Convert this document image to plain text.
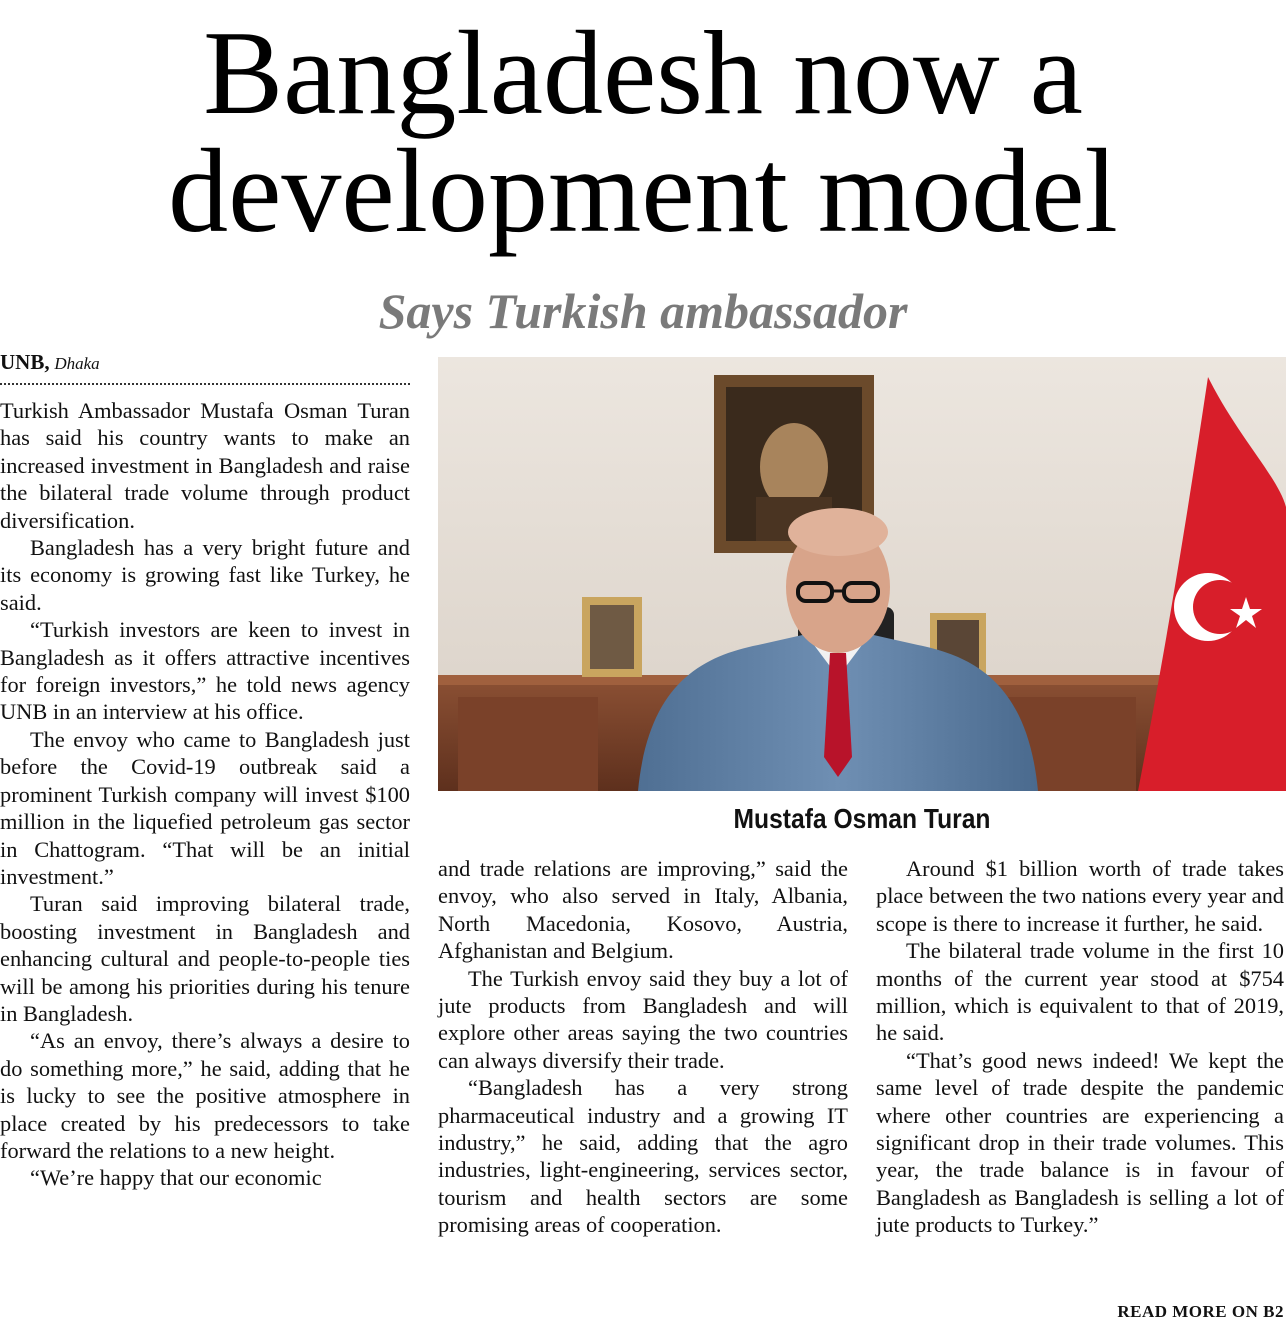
Bangladesh now a
development model
Says Turkish ambassador
UNB, Dhaka

Turkish Ambassador Mustafa Osman Turan has said his country wants to make an increased investment in Bangladesh and raise the bilateral trade volume through product diversification.

Bangladesh has a very bright future and its economy is growing fast like Turkey, he said.

“Turkish investors are keen to invest in Bangladesh as it offers attractive incentives for foreign investors,” he told news agency UNB in an interview at his office.

The envoy who came to Bangladesh just before the Covid-19 outbreak said a prominent Turkish company will invest $100 million in the liquefied petroleum gas sector in Chattogram. “That will be an initial investment.”

Turan said improving bilateral trade, boosting investment in Bangladesh and enhancing cultural and people-to-people ties will be among his priorities during his tenure in Bangladesh.

“As an envoy, there’s always a desire to do something more,” he said, adding that he is lucky to see the positive atmosphere in place created by his predecessors to take forward the relations to a new height.

“We’re happy that our economic

Mustafa Osman Turan

and trade relations are improving,” said the envoy, who also served in Italy, Albania, North Macedonia, Kosovo, Austria, Afghanistan and Belgium.

The Turkish envoy said they buy a lot of jute products from Bangladesh and will explore other areas saying the two countries can always diversify their trade.

“Bangladesh has a very strong pharmaceutical industry and a growing IT industry,” he said, adding that the agro industries, light-engineering, services sector, tourism and health sectors are some promising areas of cooperation.

Around $1 billion worth of trade takes place between the two nations every year and scope is there to increase it further, he said.

The bilateral trade volume in the first 10 months of the current year stood at $754 million, which is equivalent to that of 2019, he said.

“That’s good news indeed! We kept the same level of trade despite the pandemic where other countries are experiencing a significant drop in their trade volumes. This year, the trade balance is in favour of Bangladesh as Bangladesh is selling a lot of jute products to Turkey.”

READ MORE ON B2
